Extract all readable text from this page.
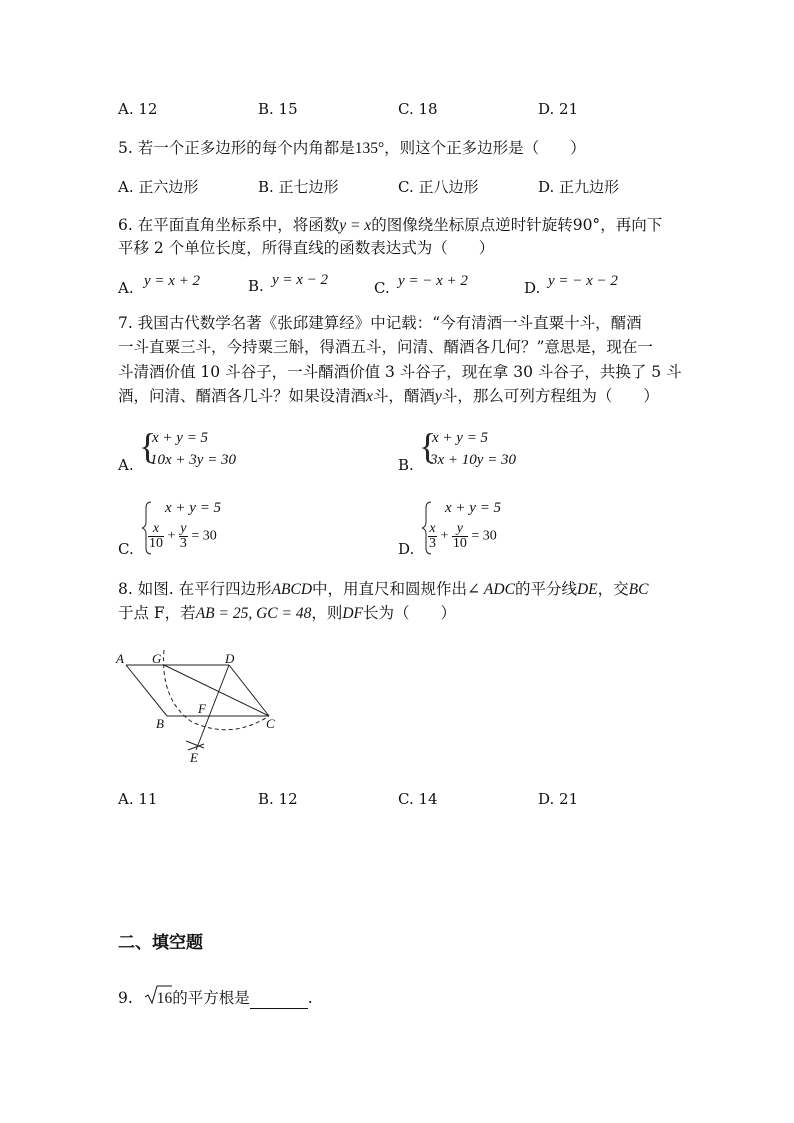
A. 12	B. 15	C. 18	D. 21
5. 若一个正多边形的每个内角都是135°，则这个正多边形是（　　）
A. 正六边形	B. 正七边形	C. 正八边形	D. 正九边形
6. 在平面直角坐标系中，将函数y = x的图像绕坐标原点逆时针旋转90°，再向下
平移 2 个单位长度，所得直线的函数表达式为（　　）
A. y = x + 2	B. y = x − 2	C. y = − x + 2	D. y = − x − 2
7. 我国古代数学名著《张邱建算经》中记载：“今有清酒一斗直粟十斗，醑酒
一斗直粟三斗，今持粟三斛，得酒五斗，问清、醑酒各几何？”意思是，现在一
斗清酒价值 10 斗谷子，一斗醑酒价值 3 斗谷子，现在拿 30 斗谷子，共换了 5 斗
酒，问清、醑酒各几斗？如果设清酒x斗，醑酒y斗，那么可列方程组为（　　）
A. {
x + y = 5
10x + 3y = 30	B. {
x + y = 5
3x + 10y = 30
C.
x + y = 5
$\frac{x}{10} + \frac{y}{3} = 30$
D.
x + y = 5
$\frac{x}{3} + \frac{y}{10} = 30$
8. 如图. 在平行四边形ABCD中，用直尺和圆规作出∠ ADC的平分线DE，交BC
于点 F，若AB = 25, GC = 48，则DF长为（　　）
A G	D
B
F
C
E
A. 11	B. 12	C. 14	D. 21
二、填空题
9. 16的平方根是	.
